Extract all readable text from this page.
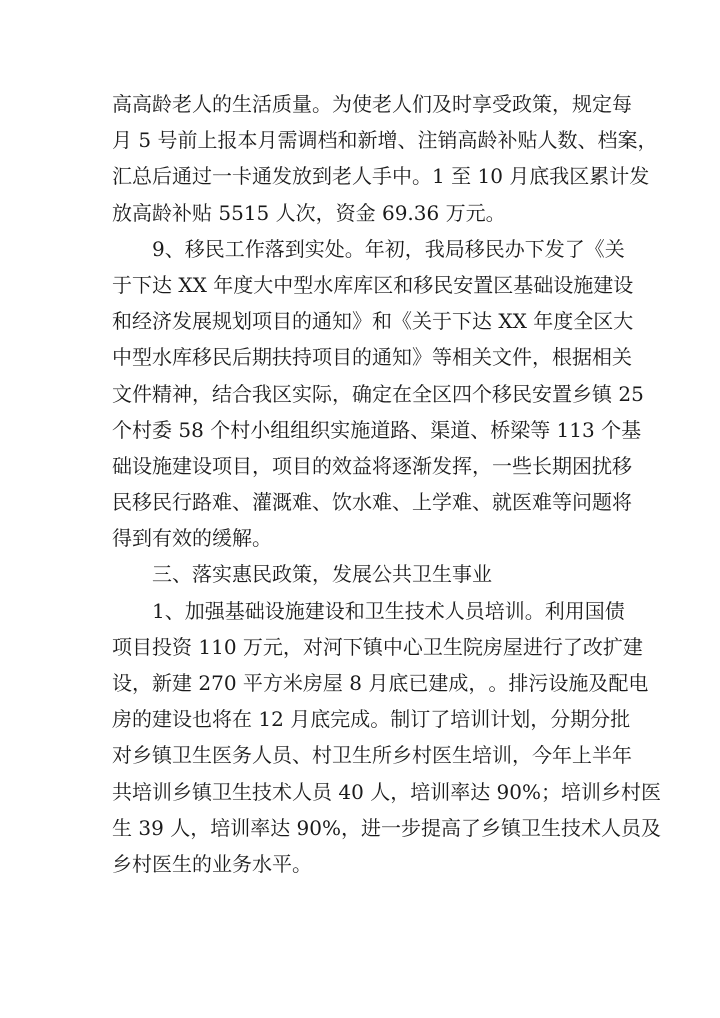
高 高 龄 老 人 的 生 活 质 量 。 为 使 老 人 们 及 时 享 受 政 策 ， 规 定 每
月
5
号 前 上 报 本 月 需 调 档 和 新 增 、 注 销 高 龄 补 贴 人 数 、 档 案 ，
汇 总 后 通 过 一 卡 通 发 放 到 老 人 手 中 。 1
至
1 0
月 底 我 区 累 计 发
放高龄补贴 5515 人次，资金 69.36 万元。
9 、 移 民 工 作 落 到 实 处 。 年 初 ， 我 局 移 民 办 下 发 了 《 关
于 下 达
X X
年 度 大 中 型 水 库 库 区 和 移 民 安 置 区 基 础 设 施 建 设
和 经 济 发 展 规 划 项 目 的 通 知 》 和 《 关 于 下 达
X X
年 度 全 区 大
中 型 水 库 移 民 后 期 扶 持 项 目 的 通 知 》 等 相 关 文 件 ， 根 据 相 关
文 件 精 神 ， 结 合 我 区 实 际 ， 确 定 在 全 区 四 个 移 民 安 置 乡 镇
2 5
个 村 委
5 8
个 村 小 组 组 织 实 施 道 路 、 渠 道 、 桥 梁 等
1 1 3
个 基
础 设 施 建 设 项 目 ， 项 目 的 效 益 将 逐 渐 发 挥 ， 一 些 长 期 困 扰 移
民 移 民 行 路 难 、 灌 溉 难 、 饮 水 难 、 上 学 难 、 就 医 难 等 问 题 将
得到有效的缓解。
三、落实惠民政策，发展公共卫生事业
1 、 加 强 基 础 设 施 建 设 和 卫 生 技 术 人 员 培 训 。 利 用 国 债
项 目 投 资
1 1 0
万 元 ， 对 河 下 镇 中 心 卫 生 院 房 屋 进 行 了 改 扩 建
设 ， 新 建
2 7 0
平 方 米 房 屋
8
月 底 已 建 成 ， 。 排 污 设 施 及 配 电
房 的 建 设 也 将 在
1 2
月 底 完 成 。 制 订 了 培 训 计 划 ， 分 期 分 批
对 乡 镇 卫 生 医 务 人 员 、 村 卫 生 所 乡 村 医 生 培 训 ， 今 年 上 半 年
共 培 训 乡 镇 卫 生 技 术 人 员
4 0
人 ， 培 训 率 达
9 0 % ； 培 训 乡 村 医
生
3 9
人 ， 培 训 率 达
9 0 % ， 进 一 步 提 高 了 乡 镇 卫 生 技 术 人 员 及
乡村医生的业务水平。
